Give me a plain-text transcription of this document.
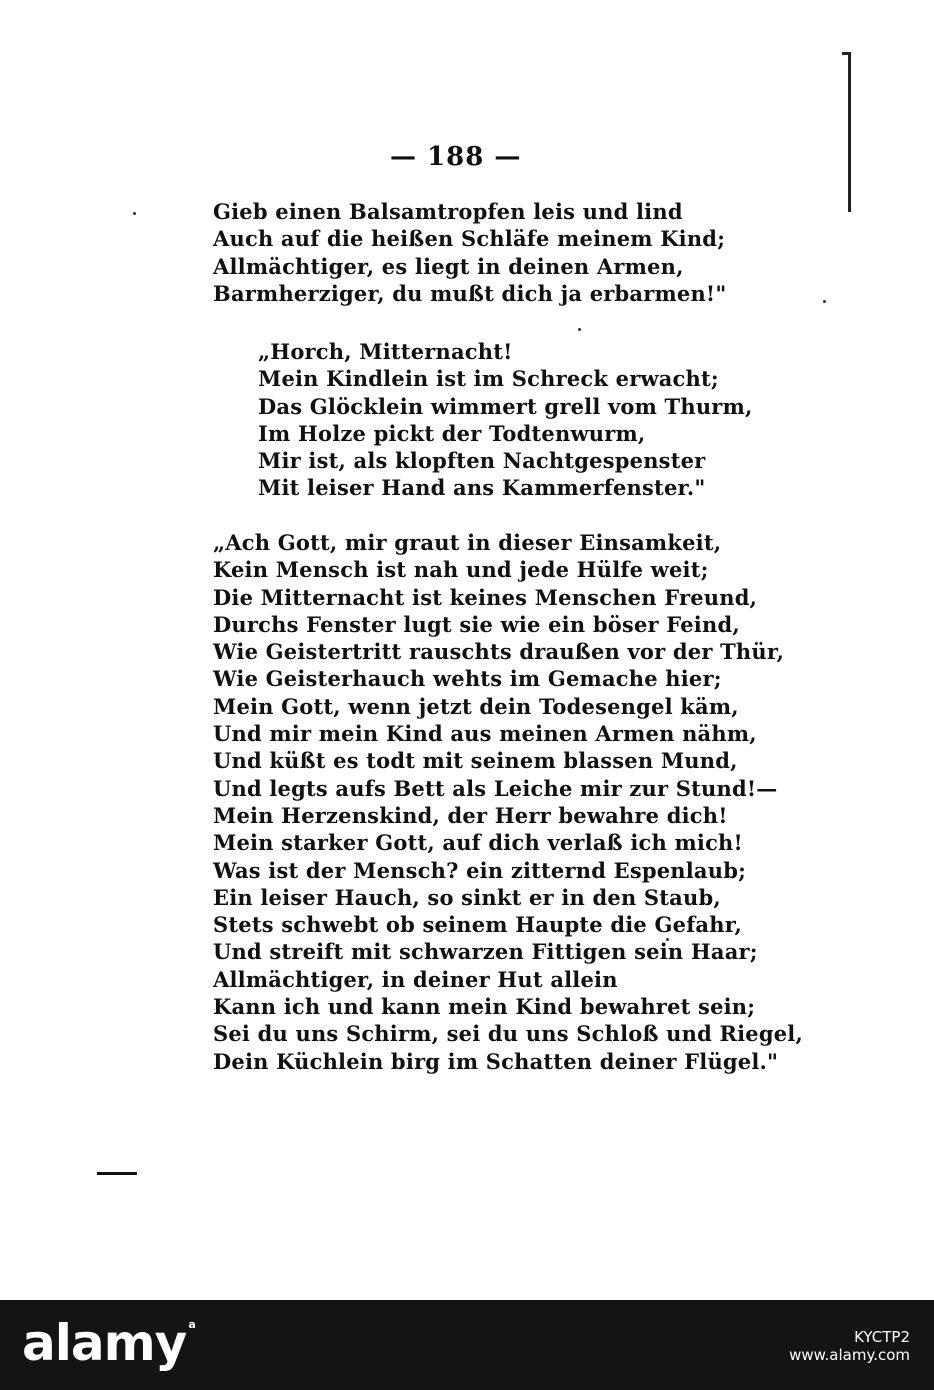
— 188 —
Gieb einen Balsamtropfen leis und lind
Auch auf die heißen Schläfe meinem Kind;
Allmächtiger, es liegt in deinen Armen,
Barmherziger, du mußt dich ja erbarmen!"
„Horch, Mitternacht!
Mein Kindlein ist im Schreck erwacht;
Das Glöcklein wimmert grell vom Thurm,
Im Holze pickt der Todtenwurm,
Mir ist, als klopften Nachtgespenster
Mit leiser Hand ans Kammerfenster."
„Ach Gott, mir graut in dieser Einsamkeit,
Kein Mensch ist nah und jede Hülfe weit;
Die Mitternacht ist keines Menschen Freund,
Durchs Fenster lugt sie wie ein böser Feind,
Wie Geistertritt rauschts draußen vor der Thür,
Wie Geisterhauch wehts im Gemache hier;
Mein Gott, wenn jetzt dein Todesengel käm,
Und mir mein Kind aus meinen Armen nähm,
Und küßt es todt mit seinem blassen Mund,
Und legts aufs Bett als Leiche mir zur Stund!—
Mein Herzenskind, der Herr bewahre dich!
Mein starker Gott, auf dich verlaß ich mich!
Was ist der Mensch? ein zitternd Espenlaub;
Ein leiser Hauch, so sinkt er in den Staub,
Stets schwebt ob seinem Haupte die Gefahr,
Und streift mit schwarzen Fittigen sein Haar;
Allmächtiger, in deiner Hut allein
Kann ich und kann mein Kind bewahret sein;
Sei du uns Schirm, sei du uns Schloß und Riegel,
Dein Küchlein birg im Schatten deiner Flügel."
alamy $^a$
KYCTP2
www.alamy.com
